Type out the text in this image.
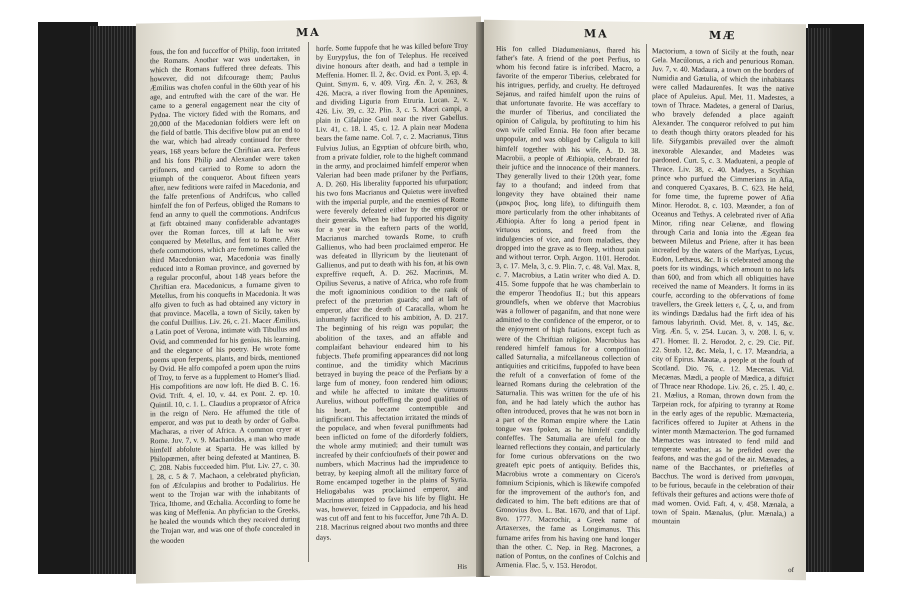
MA

fous, the fon and fucceffor of Philip, foon irritated the Romans. Another war was undertaken, in which the Romans fuffered three defeats. This however, did not difcourage them; Paulus Æmilius was chofen conful in the 60th year of his age, and entrufted with the care of the war. He came to a general engagement near the city of Pydna. The victory fided with the Romans, and 20,000 of the Macedonian foldiers were left on the field of battle. This decifive blow put an end to the war, which had already continued for three years, 168 years before the Chriftian æra. Perfeus and his fons Philip and Alexander were taken prifoners, and carried to Rome to adorn the triumph of the conqueror. About fifteen years after, new feditions were raifed in Macedonia, and the falfe pretenfions of Andrifcus, who called himfelf the fon of Perfeus, obliged the Romans to fend an army to quell the commotions. Andrifcus at firft obtained many confiderable advantages over the Roman forces, till at laft he was conquered by Metellus, and fent to Rome. After thefe commotions, which are fometimes called the third Macedonian war, Macedonia was finally reduced into a Roman province, and governed by a regular proconful, about 148 years before the Chriftian era. Macedonicus, a furname given to Metellus, from his conquefts in Macedonia. It was alfo given to fuch as had obtained any victory in that province. Macella, a town of Sicily, taken by the conful Duillius. Liv. 26, c. 21. Macer Æmilius, a Latin poet of Verona, intimate with Tibullus and Ovid, and commended for his genius, his learning, and the elegance of his poetry. He wrote fome poems upon ferpents, plants, and birds, mentioned by Ovid. He alfo compofed a poem upon the ruins of Troy, to ferve as a fupplement to Homer's Iliad. His compofitions are now loft. He died B. C. 16. Ovid. Trift. 4, el. 10, v. 44. ex Pont. 2. ep. 10. Quintil. 10, c. 1. L. Claudius a proprætor of Africa in the reign of Nero. He affumed the title of emperor, and was put to death by order of Galba. Macharas, a river of Africa. A common cryer at Rome. Juv. 7, v. 9. Machanidas, a man who made himfelf abfolute at Sparta. He was killed by Philopœmen, after being defeated at Mantinea, B. C. 208. Nabis fucceeded him. Plut. Liv. 27, c. 30. l. 28, c. 5 & 7. Machaon, a celebrated phyfician, fon of Æfculapius and brother to Podalirius. He went to the Trojan war with the inhabitants of Trica, Ithome, and Œchalia. According to fome he was king of Meffenia. An phyfician to the Greeks, he healed the wounds which they received during the Trojan war, and was one of thofe concealed in the wooden

horfe. Some fuppofe that he was killed before Troy by Eurypylus, the fon of Telephus. He received divine honours after death, and had a temple in Meffenia. Homer. Il. 2, &c. Ovid. ex Pont. 3, ep. 4. Quint. Smyrn. 6, v. 409. Virg. Æn. 2, v. 263, & 426. Macra, a river flowing from the Apennines, and dividing Liguria from Etruria. Lucan. 2, v. 426. Liv. 39, c. 32. Plin. 3, c. 5. Macri campi, a plain in Cifalpine Gaul near the river Gabellus. Liv. 41, c. 18. l. 45, c. 12. A plain near Modena bears the fame name. Col. 7, c. 2. Macrianus, Titus Fulvius Julius, an Egyptian of obfcure birth, who, from a private foldier, role to the higheft command in the army, and proclaimed himfelf emperor when Valerian had been made prifoner by the Perfians, A. D. 260. His liberality fupported his ufurpation; his two fons Macrianus and Quietus were invefted with the imperial purple, and the enemies of Rome were feverely defeated either by the emperor or their generals. When he had fupported his dignity for a year in the eaftern parts of the world, Macrianus marched towards Rome, to crufh Gallienus, who had been proclaimed emperor. He was defeated in Illyricum by the lieutenant of Gallienus, and put to death with his fon, at his own expreffive requeft, A. D. 262. Macrinus, M. Opilius Severus, a native of Africa, who rofe from the moft ignominious condition to the rank of prefect of the prætorian guards; and at laft of emperor, after the death of Caracalla, whom he inhumanly facrificed to his ambition, A. D. 217. The beginning of his reign was popular; the abolition of the taxes, and an affable and complaifant behaviour endeared him to his fubjects. Thefe promifing appearances did not long continue, and the timidity which Macrinus betrayed in buying the peace of the Perfians by a large fum of money, foon rendered him odious; and while he affected to imitate the virtuous Aurelius, without poffeffing the good qualities of his heart, he became contemptible and infignificant. This affectation irritated the minds of the populace, and when feveral punifhments had been inflicted on fome of the diforderly foldiers, the whole army mutinied; and their tumult was increafed by their confcioufnefs of their power and numbers, which Macrinus had the imprudence to betray, by keeping almoft all the military force of Rome encamped together in the plains of Syria. Heliogabalus was proclaimed emperor, and Macrinus attempted to fave his life by flight. He was, however, feized in Cappadocia, and his head was cut off and fent to his fucceffor, June 7th A. D. 218. Macrinus reigned about two months and three days.

His
MA	MÆ

His fon called Diadumenianus, fhared his father's fate. A friend of the poet Perfius, to whom his fecond fatire is infcribed. Macro, a favorite of the emperor Tiberius, celebrated for his intrigues, perfidy, and cruelty. He deftroyed Sejanus, and raifed himfelf upon the ruins of that unfortunate favorite. He was acceffary to the murder of Tiberius, and conciliated the opinion of Caligula, by proftituting to him his own wife called Ennia. He foon after became unpopular, and was obliged by Caligula to kill himfelf together with his wife, A. D. 38. Macrobii, a people of Æthiopia, celebrated for their juftice and the innocence of their manners. They generally lived to their 120th year, fome fay to a thoufand; and indeed from that longevity they have obtained their name (μακρος βιος, long life), to diftinguifh them more particularly from the other inhabitants of Æthiopia. After fo long a period fpent in virtuous actions, and freed from the indulgencies of vice, and from maladies, they dropped into the grave as to fleep, without pain and without terror. Orph. Argon. 1101. Herodot. 3, c. 17. Mela, 3, c. 9. Plin. 7, c. 48. Val. Max. 8, c. 7. Macrobius, a Latin writer who died A. D. 415. Some fuppofe that he was chamberlain to the emperor Theodofius II.; but this appears groundlefs, when we obferve that Macrobius was a follower of paganifm, and that none were admitted to the confidence of the emperor, or to the enjoyment of high ftations, except fuch as were of the Chriftian religion. Macrobius has rendered himfelf famous for a compofition called Saturnalia, a mifcellaneous collection of antiquities and criticifms, fuppofed to have been the refult of a converfation of fome of the learned Romans during the celebration of the Saturnalia. This was written for the ufe of his fon, and he had lately which the author has often introduced, proves that he was not born in a part of the Roman empire where the Latin tongue was fpoken, as he himfelf candidly confeffes. The Saturnalia are ufeful for the learned reflections they contain, and particularly for fome curious obfervations on the two greateft epic poets of antiquity. Befides this, Macrobius wrote a commentary on Cicero's fomnium Scipionis, which is likewife compofed for the improvement of the author's fon, and dedicated to him. The beft editions are that of Gronovius 8vo. L. Bat. 1670, and that of Lipf. 8vo. 1777. Macrochir, a Greek name of Artaxerxes, the fame as Longimanus. This furname arifes from his having one hand longer than the other. C. Nep. in Reg. Macrones, a nation of Pontus, on the confines of Colchis and Armenia. Flac. 5, v. 153. Herodot.

Mactorium, a town of Sicily at the fouth, near Gela. Macúlonus, a rich and penurious Roman. Juv. 7, v. 40. Madaura, a town on the borders of Numidia and Gætulia, of which the inhabitants were called Madaurenfes. It was the native place of Apuleius. Apul. Met. 11. Madestes, a town of Thrace. Madetes, a general of Darius, who bravely defended a place againft Alexander. The conqueror refolved to put him to death though thirty orators pleaded for his life. Sifygambis prevailed over the almoft inexorable Alexander, and Madetes was pardoned. Curt. 5, c. 3. Maduateni, a people of Thrace. Liv. 38, c. 40. Madyes, a Scythian prince who purfued the Cimmerians in Afia, and conquered Cyaxares, B. C. 623. He held, for fome time, the fupreme power of Afia Minor. Herodot. 8, c. 103. Mæander, a fon of Oceanus and Tethys. A celebrated river of Afia Minor, rifing near Celænæ, and flowing through Caria and Ionia into the Ægean fea between Miletus and Priene, after it has been increafed by the waters of the Marfyas, Lycus, Eudon, Lethæus, &c. It is celebrated among the poets for its windings, which amount to no lefs than 600, and from which all obliquities have received the name of Meanders. It forms in its courfe, according to the obfervations of fome travellers, the Greek letters ε, ζ, ξ, ω, and from its windings Dædalus had the firft idea of his famous labyrinth. Ovid. Met. 8, v. 145, &c. Virg. Æn. 5, v. 254. Lucan. 3, v. 208. l. 6, v. 471. Homer. Il. 2. Herodot. 2, c. 29. Cic. Pif. 22. Strab. 12, &c. Mela, 1, c. 17. Mæandria, a city of Epirus. Mæatæ, a people at the fouth of Scotland. Dio. 76, c. 12. Mæcenas. Vid. Mecænas. Mædi, a people of Mædica, a diftrict of Thrace near Rhodope. Liv. 26, c. 25. l. 40, c. 21. Mælius, a Roman, thrown down from the Tarpeian rock, for afpiring to tyranny at Rome in the early ages of the republic. Mæmacteria, facrifices offered to Jupiter at Athens in the winter month Mæmacterion. The god furnamed Mæmactes was intreated to fend mild and temperate weather, as he prefided over the feafons, and was the god of the air. Mænades, a name of the Bacchantes, or prieftefles of Bacchus. The word is derived from μαινομαι, to be furious, becaufe in the celebration of their feftivals their geftures and actions were thofe of mad women. Ovid. Faft. 4, v. 458. Mænala, a town of Spain. Mænalus, (plur. Mænala,) a mountain

of
